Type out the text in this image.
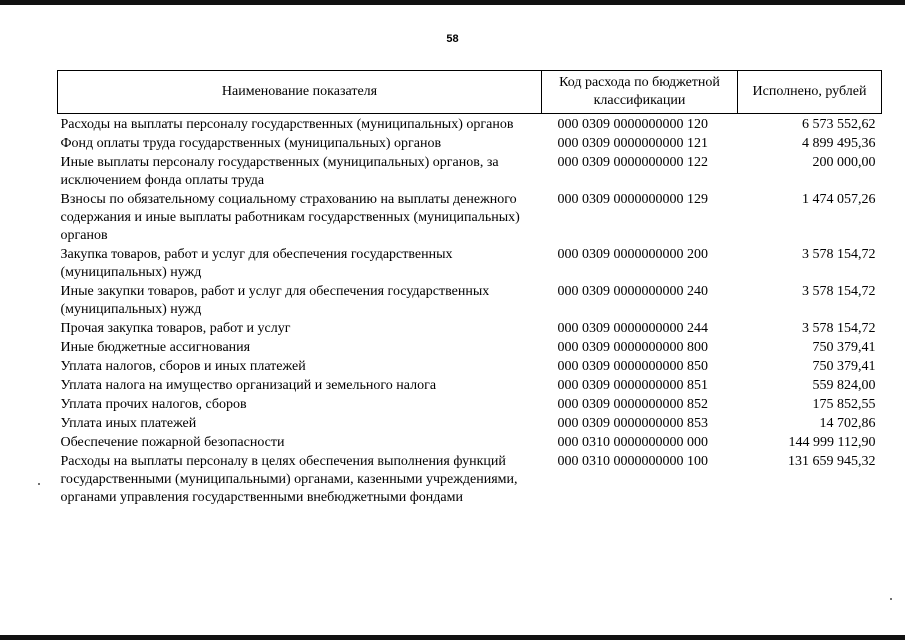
58
Наименование показателя	Код расхода по бюджетной классификации	Исполнено, рублей
Расходы на выплаты персоналу государственных (муниципальных) органов	000 0309 0000000000 120	6 573 552,62
Фонд оплаты труда государственных (муниципальных) органов	000 0309 0000000000 121	4 899 495,36
Иные выплаты персоналу государственных (муниципальных) органов, за исключением фонда оплаты труда	000 0309 0000000000 122	200 000,00
Взносы по обязательному социальному страхованию на выплаты денежного содержания и иные выплаты работникам государственных (муниципальных) органов	000 0309 0000000000 129	1 474 057,26
Закупка товаров, работ и услуг для обеспечения государственных (муниципальных) нужд	000 0309 0000000000 200	3 578 154,72
Иные закупки товаров, работ и услуг для обеспечения государственных (муниципальных) нужд	000 0309 0000000000 240	3 578 154,72
Прочая закупка товаров, работ и услуг	000 0309 0000000000 244	3 578 154,72
Иные бюджетные ассигнования	000 0309 0000000000 800	750 379,41
Уплата налогов, сборов и иных платежей	000 0309 0000000000 850	750 379,41
Уплата налога на имущество организаций и земельного налога	000 0309 0000000000 851	559 824,00
Уплата прочих налогов, сборов	000 0309 0000000000 852	175 852,55
Уплата иных платежей	000 0309 0000000000 853	14 702,86
Обеспечение пожарной безопасности	000 0310 0000000000 000	144 999 112,90
Расходы на выплаты персоналу в целях обеспечения выполнения функций государственными (муниципальными) органами, казенными учреждениями, органами управления государственными внебюджетными фондами	000 0310 0000000000 100	131 659 945,32
